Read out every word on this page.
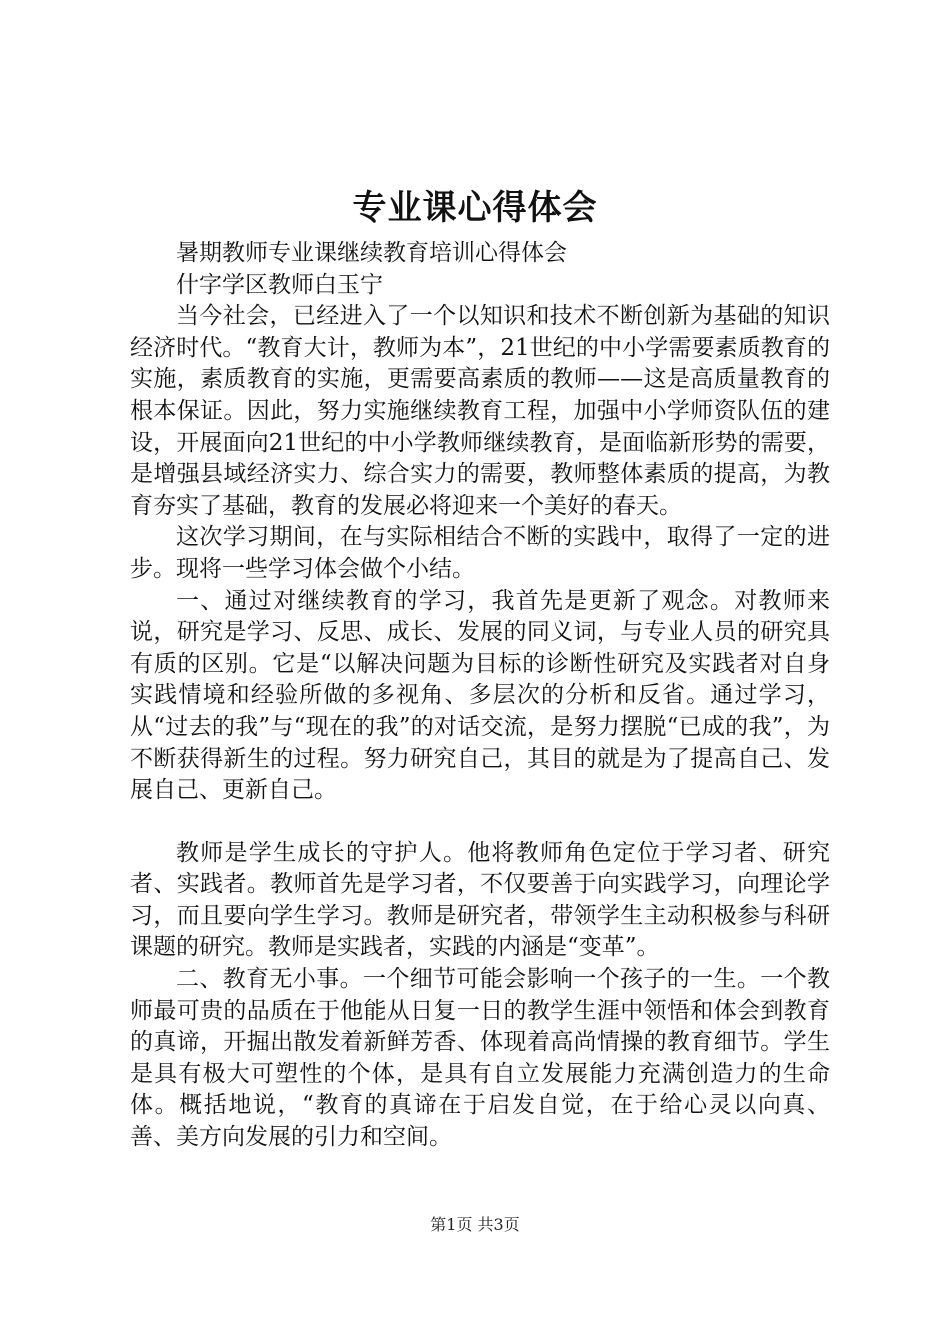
专业课心得体会

暑期教师专业课继续教育培训心得体会

什字学区教师白玉宁

当今社会，已经进入了一个以知识和技术不断创新为基础的知识经济时代。“教育大计，教师为本”，21世纪的中小学需要素质教育的实施，素质教育的实施，更需要高素质的教师——这是高质量教育的根本保证。因此，努力实施继续教育工程，加强中小学师资队伍的建设，开展面向21世纪的中小学教师继续教育，是面临新形势的需要，是增强县域经济实力、综合实力的需要，教师整体素质的提高，为教育夯实了基础，教育的发展必将迎来一个美好的春天。

这次学习期间，在与实际相结合不断的实践中，取得了一定的进步。现将一些学习体会做个小结。

一、通过对继续教育的学习，我首先是更新了观念。对教师来说，研究是学习、反思、成长、发展的同义词，与专业人员的研究具有质的区别。它是“以解决问题为目标的诊断性研究及实践者对自身实践情境和经验所做的多视角、多层次的分析和反省。通过学习，从“过去的我”与“现在的我”的对话交流，是努力摆脱“已成的我”，为不断获得新生的过程。努力研究自己，其目的就是为了提高自己、发展自己、更新自己。

教师是学生成长的守护人。他将教师角色定位于学习者、研究者、实践者。教师首先是学习者，不仅要善于向实践学习，向理论学习，而且要向学生学习。教师是研究者，带领学生主动积极参与科研课题的研究。教师是实践者，实践的内涵是“变革”。

二、教育无小事。一个细节可能会影响一个孩子的一生。一个教师最可贵的品质在于他能从日复一日的教学生涯中领悟和体会到教育的真谛，开掘出散发着新鲜芳香、体现着高尚情操的教育细节。学生是具有极大可塑性的个体，是具有自立发展能力充满创造力的生命体。概括地说，“教育的真谛在于启发自觉，在于给心灵以向真、善、美方向发展的引力和空间。

第1页 共3页
